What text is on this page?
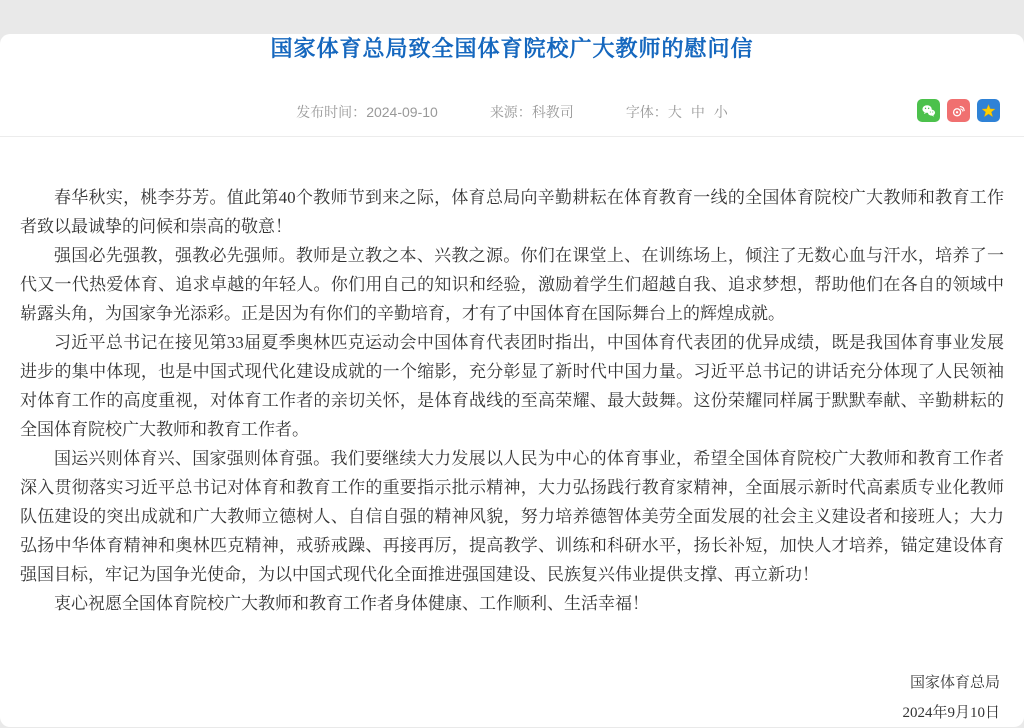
国家体育总局致全国体育院校广大教师的慰问信
发布时间： 2024-09-10	来源： 科教司	字体： 大 中 小

春华秋实，桃李芬芳。值此第40个教师节到来之际，体育总局向辛勤耕耘在体育教育一线的全国体育院校广大教师和教育工作者致以最诚挚的问候和崇高的敬意！

强国必先强教，强教必先强师。教师是立教之本、兴教之源。你们在课堂上、在训练场上，倾注了无数心血与汗水，培养了一代又一代热爱体育、追求卓越的年轻人。你们用自己的知识和经验，激励着学生们超越自我、追求梦想，帮助他们在各自的领域中崭露头角，为国家争光添彩。正是因为有你们的辛勤培育，才有了中国体育在国际舞台上的辉煌成就。

习近平总书记在接见第33届夏季奥林匹克运动会中国体育代表团时指出，中国体育代表团的优异成绩，既是我国体育事业发展进步的集中体现，也是中国式现代化建设成就的一个缩影，充分彰显了新时代中国力量。习近平总书记的讲话充分体现了人民领袖对体育工作的高度重视，对体育工作者的亲切关怀，是体育战线的至高荣耀、最大鼓舞。这份荣耀同样属于默默奉献、辛勤耕耘的全国体育院校广大教师和教育工作者。

国运兴则体育兴、国家强则体育强。我们要继续大力发展以人民为中心的体育事业，希望全国体育院校广大教师和教育工作者深入贯彻落实习近平总书记对体育和教育工作的重要指示批示精神，大力弘扬践行教育家精神，全面展示新时代高素质专业化教师队伍建设的突出成就和广大教师立德树人、自信自强的精神风貌，努力培养德智体美劳全面发展的社会主义建设者和接班人；大力弘扬中华体育精神和奥林匹克精神，戒骄戒躁、再接再厉，提高教学、训练和科研水平，扬长补短，加快人才培养，锚定建设体育强国目标，牢记为国争光使命，为以中国式现代化全面推进强国建设、民族复兴伟业提供支撑、再立新功！

衷心祝愿全国体育院校广大教师和教育工作者身体健康、工作顺利、生活幸福！

国家体育总局
2024年9月10日
